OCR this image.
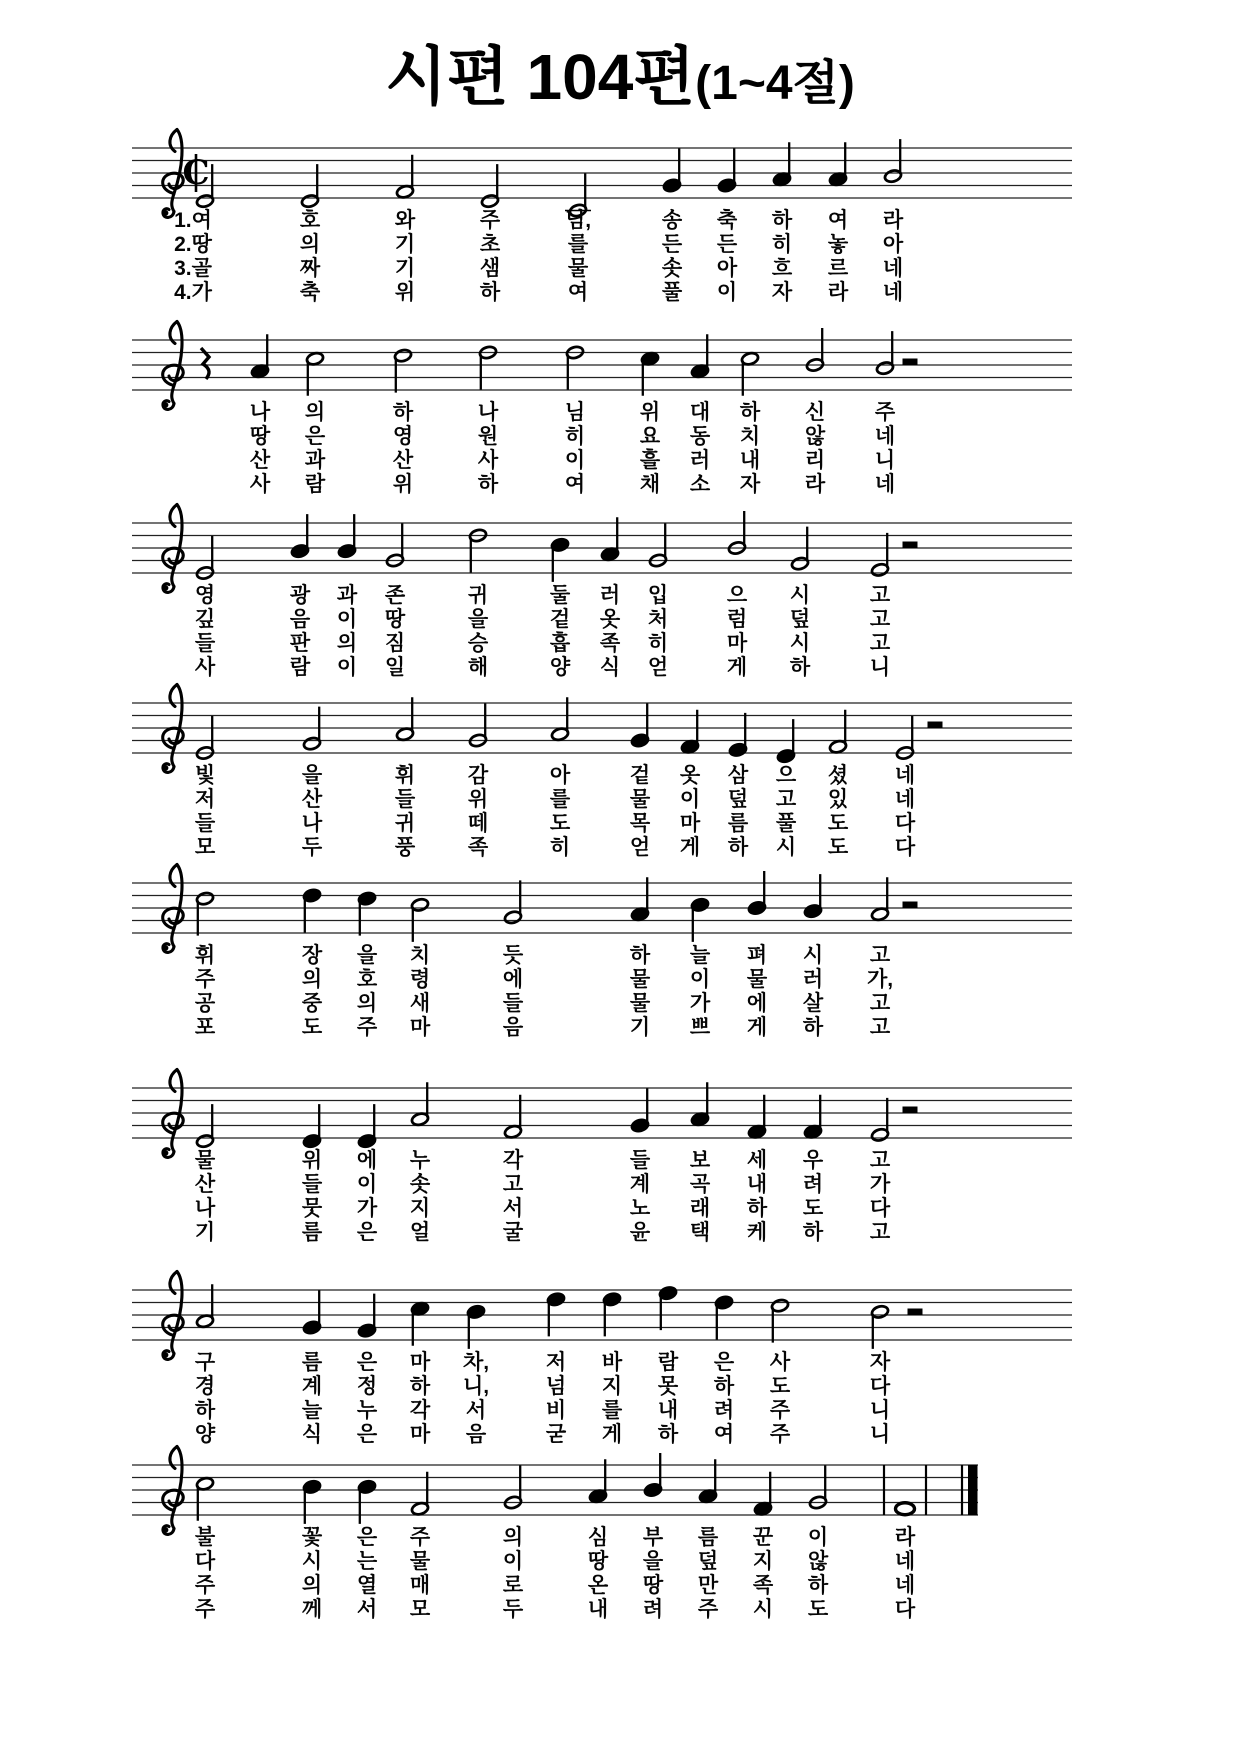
시편 104편(1~4절)
C
1.여
2.땅
3.골
4.가
호
의
짜
축
와
기
기
위
주
초
샘
하
님,
를
물
여
송
든
솟
풀
축
든
아
이
하
히
흐
자
여
놓
르
라
라
아
네
네
나
땅
산
사
의
은
과
람
하
영
산
위
나
원
사
하
님
히
이
여
위
요
흘
채
대
동
러
소
하
치
내
자
신
않
리
라
주
네
니
네
영
깊
들
사
광
음
판
람
과
이
의
이
존
땅
짐
일
귀
을
승
해
둘
겉
흡
양
러
옷
족
식
입
처
히
얻
으
럼
마
게
시
덮
시
하
고
고
고
니
빛
저
들
모
을
산
나
두
휘
들
귀
풍
감
위
떼
족
아
를
도
히
겉
물
목
얻
옷
이
마
게
삼
덮
름
하
으
고
풀
시
셨
있
도
도
네
네
다
다
휘
주
공
포
장
의
중
도
을
호
의
주
치
령
새
마
듯
에
들
음
하
물
물
기
늘
이
가
쁘
펴
물
에
게
시
러
살
하
고
가,
고
고
물
산
나
기
위
들
뭇
름
에
이
가
은
누
솟
지
얼
각
고
서
굴
들
계
노
윤
보
곡
래
택
세
내
하
케
우
려
도
하
고
가
다
고
구
경
하
양
름
계
늘
식
은
정
누
은
마
하
각
마
차,
니,
서
음
저
넘
비
굳
바
지
를
게
람
못
내
하
은
하
려
여
사
도
주
주
자
다
니
니
불
다
주
주
꽃
시
의
께
은
는
열
서
주
물
매
모
의
이
로
두
심
땅
온
내
부
을
땅
려
름
덮
만
주
꾼
지
족
시
이
않
하
도
라
네
네
다
